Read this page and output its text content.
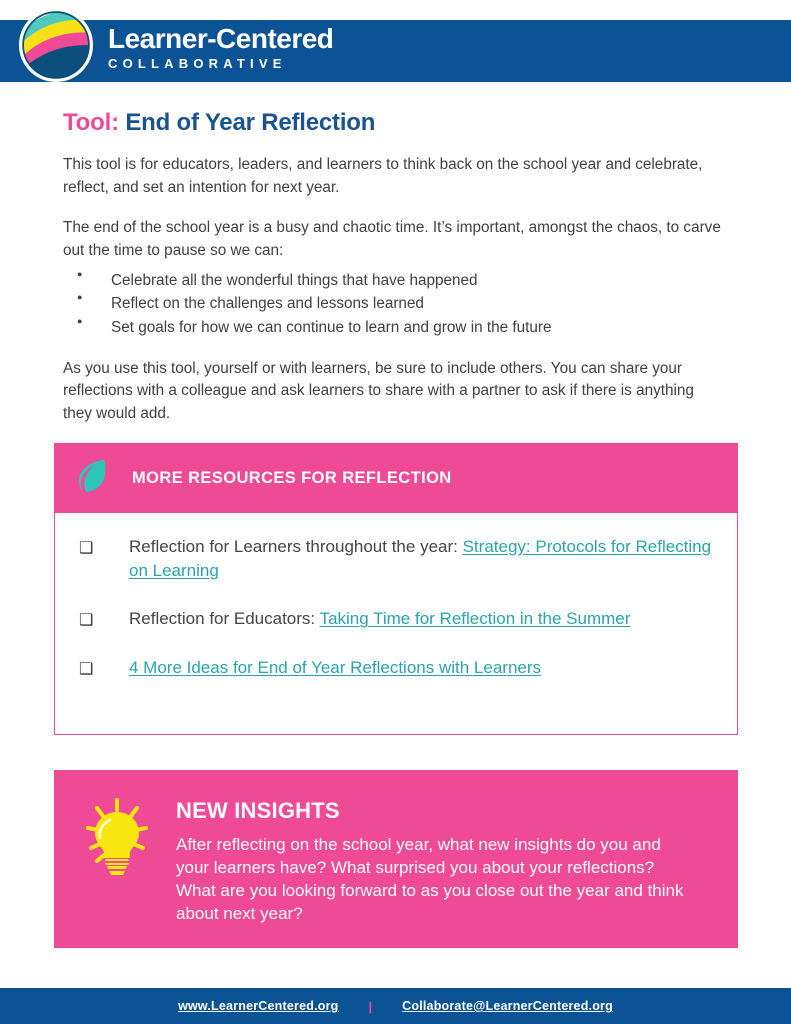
Learner-Centered
COLLABORATIVE
Tool: End of Year Reflection
This tool is for educators, leaders, and learners to think back on the school year and celebrate, reflect, and set an intention for next year.
The end of the school year is a busy and chaotic time. It’s important, amongst the chaos, to carve out the time to pause so we can:
● Celebrate all the wonderful things that have happened
● Reflect on the challenges and lessons learned
● Set goals for how we can continue to learn and grow in the future
As you use this tool, yourself or with learners, be sure to include others. You can share your reflections with a colleague and ask learners to share with a partner to ask if there is anything they would add.
MORE RESOURCES FOR REFLECTION
❑ Reflection for Learners throughout the year: Strategy: Protocols for Reflecting on Learning
❑ Reflection for Educators: Taking Time for Reflection in the Summer
❑ 4 More Ideas for End of Year Reflections with Learners
NEW INSIGHTS
After reflecting on the school year, what new insights do you and your learners have? What surprised you about your reflections? What are you looking forward to as you close out the year and think about next year?
www.LearnerCentered.org | Collaborate@LearnerCentered.org
